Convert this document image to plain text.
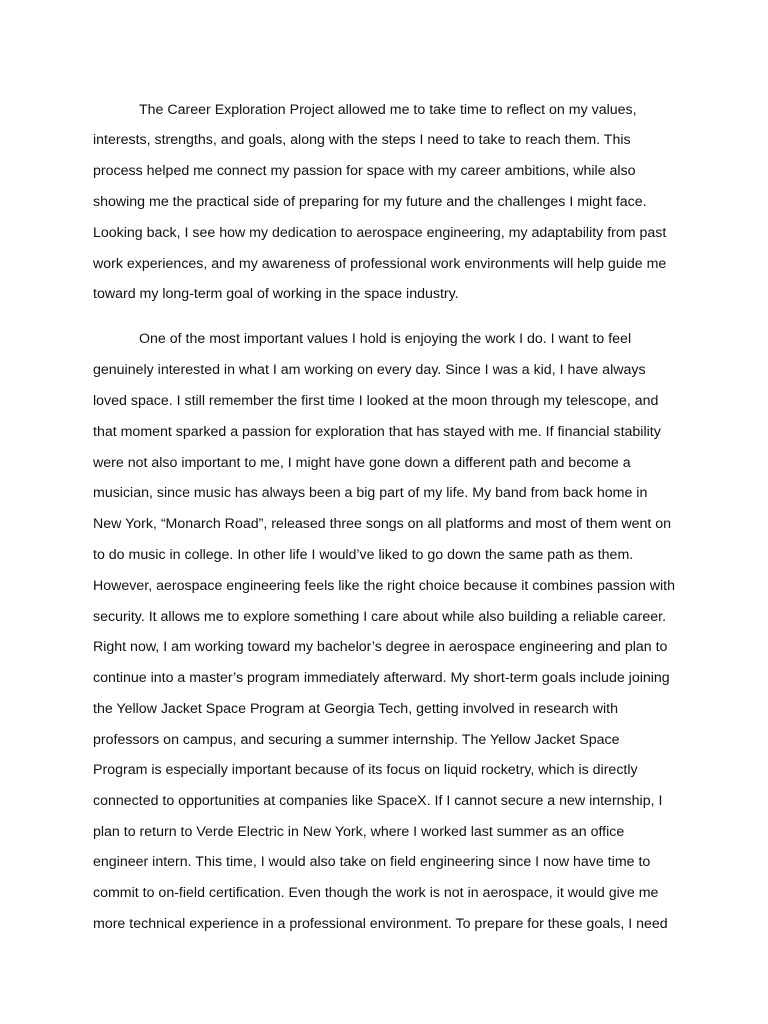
The Career Exploration Project allowed me to take time to reflect on my values,
interests, strengths, and goals, along with the steps I need to take to reach them. This
process helped me connect my passion for space with my career ambitions, while also
showing me the practical side of preparing for my future and the challenges I might face.
Looking back, I see how my dedication to aerospace engineering, my adaptability from past
work experiences, and my awareness of professional work environments will help guide me
toward my long-term goal of working in the space industry.
One of the most important values I hold is enjoying the work I do. I want to feel
genuinely interested in what I am working on every day. Since I was a kid, I have always
loved space. I still remember the first time I looked at the moon through my telescope, and
that moment sparked a passion for exploration that has stayed with me. If financial stability
were not also important to me, I might have gone down a different path and become a
musician, since music has always been a big part of my life. My band from back home in
New York, “Monarch Road”, released three songs on all platforms and most of them went on
to do music in college. In other life I would’ve liked to go down the same path as them.
However, aerospace engineering feels like the right choice because it combines passion with
security. It allows me to explore something I care about while also building a reliable career.
Right now, I am working toward my bachelor’s degree in aerospace engineering and plan to
continue into a master’s program immediately afterward. My short-term goals include joining
the Yellow Jacket Space Program at Georgia Tech, getting involved in research with
professors on campus, and securing a summer internship. The Yellow Jacket Space
Program is especially important because of its focus on liquid rocketry, which is directly
connected to opportunities at companies like SpaceX. If I cannot secure a new internship, I
plan to return to Verde Electric in New York, where I worked last summer as an office
engineer intern. This time, I would also take on field engineering since I now have time to
commit to on-field certification. Even though the work is not in aerospace, it would give me
more technical experience in a professional environment. To prepare for these goals, I need
